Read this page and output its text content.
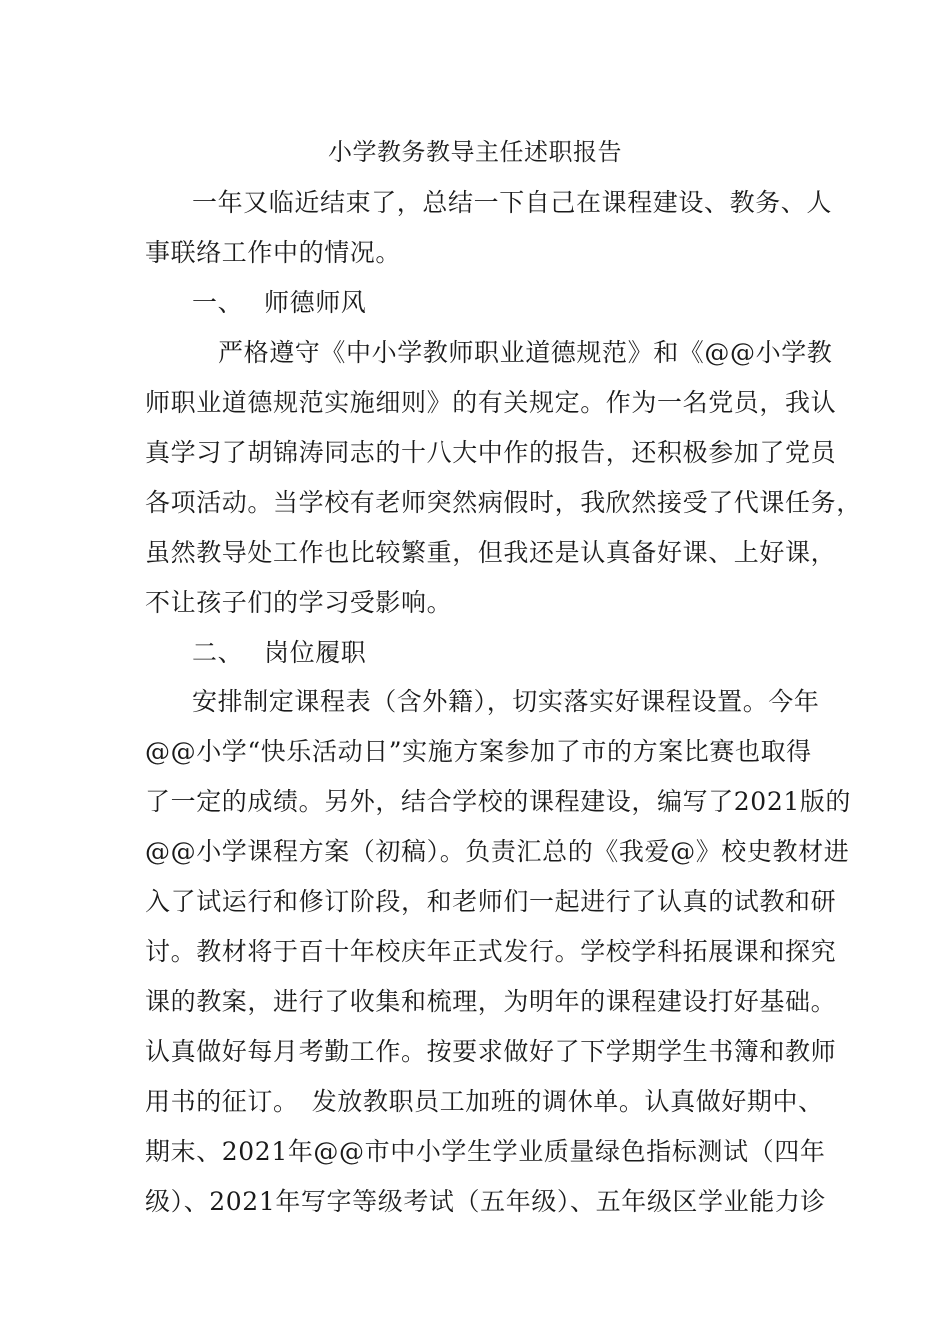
小学教务教导主任述职报告
一年又临近结束了，总结一下自己在课程建设、教务、人
事联络工作中的情况。
一、 师德师风
严格遵守《中小学教师职业道德规范》和《@@小学教
师职业道德规范实施细则》的有关规定。作为一名党员，我认
真学习了胡锦涛同志的十八大中作的报告，还积极参加了党员
各项活动。当学校有老师突然病假时，我欣然接受了代课任务，
虽然教导处工作也比较繁重，但我还是认真备好课、上好课，
不让孩子们的学习受影响。
二、 岗位履职
安排制定课程表（含外籍），切实落实好课程设置。今年
@@小学“快乐活动日”实施方案参加了市的方案比赛也取得
了一定的成绩。另外，结合学校的课程建设，编写了2021版的
@@小学课程方案（初稿）。负责汇总的《我爱@》校史教材进
入了试运行和修订阶段，和老师们一起进行了认真的试教和研
讨。教材将于百十年校庆年正式发行。学校学科拓展课和探究
课的教案，进行了收集和梳理，为明年的课程建设打好基础。
认真做好每月考勤工作。按要求做好了下学期学生书簿和教师
用书的征订。　发放教职员工加班的调休单。认真做好期中、
期末、2021年@@市中小学生学业质量绿色指标测试（四年
级）、2021年写字等级考试（五年级）、五年级区学业能力诊
